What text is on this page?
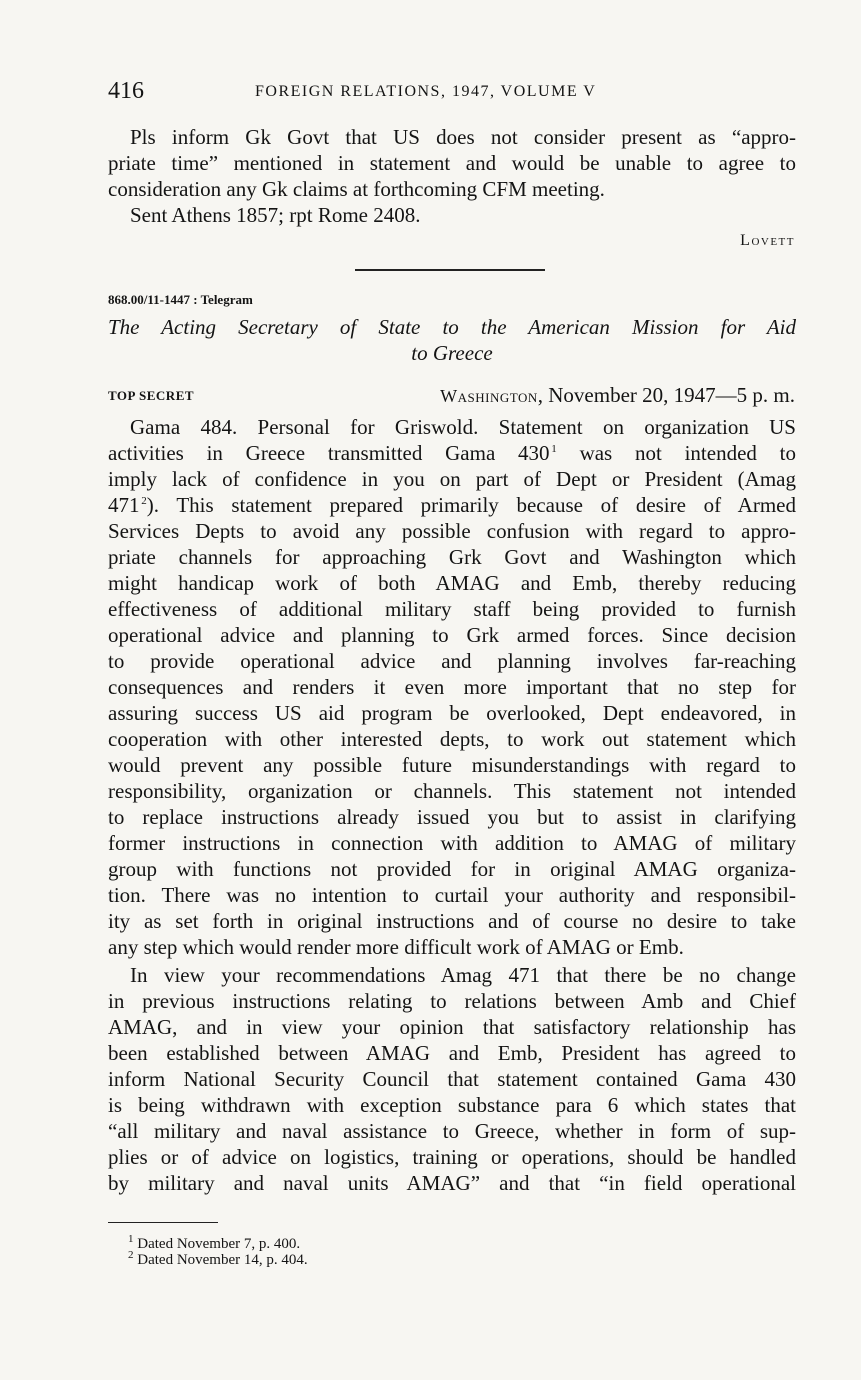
416	FOREIGN RELATIONS, 1947, VOLUME V
Pls inform Gk Govt that US does not consider present as “appro-
priate time” mentioned in statement and would be unable to agree to
consideration any Gk claims at forthcoming CFM meeting.
Sent Athens 1857; rpt Rome 2408.
Lovett
868.00/11-1447 : Telegram
The Acting Secretary of State to the American Mission for Aid
to Greece
TOP SECRET	Washington, November 20, 1947—5 p. m.
Gama 484. Personal for Griswold. Statement on organization US
activities in Greece transmitted Gama 430  $^1$ was not intended to
imply lack of confidence in you on part of Dept or President (Amag
471  $^2$). This statement prepared primarily because of desire of Armed
Services Depts to avoid any possible confusion with regard to appro-
priate channels for approaching Grk Govt and Washington which
might handicap work of both AMAG and Emb, thereby reducing
effectiveness of additional military staff being provided to furnish
operational advice and planning to Grk armed forces. Since decision
to provide operational advice and planning involves far-reaching
consequences and renders it even more important that no step for
assuring success US aid program be overlooked, Dept endeavored, in
cooperation with other interested depts, to work out statement which
would prevent any possible future misunderstandings with regard to
responsibility, organization or channels. This statement not intended
to replace instructions already issued you but to assist in clarifying
former instructions in connection with addition to AMAG of military
group with functions not provided for in original AMAG organiza-
tion. There was no intention to curtail your authority and responsibil-
ity as set forth in original instructions and of course no desire to take
any step which would render more difficult work of AMAG or Emb.
In view your recommendations Amag 471 that there be no change
in previous instructions relating to relations between Amb and Chief
AMAG, and in view your opinion that satisfactory relationship has
been established between AMAG and Emb, President has agreed to
inform National Security Council that statement contained Gama 430
is being withdrawn with exception substance para 6 which states that
“all military and naval assistance to Greece, whether in form of sup-
plies or of advice on logistics, training or operations, should be handled
by military and naval units AMAG” and that “in field operational
$^1$ Dated November 7, p. 400.
$^2$ Dated November 14, p. 404.
